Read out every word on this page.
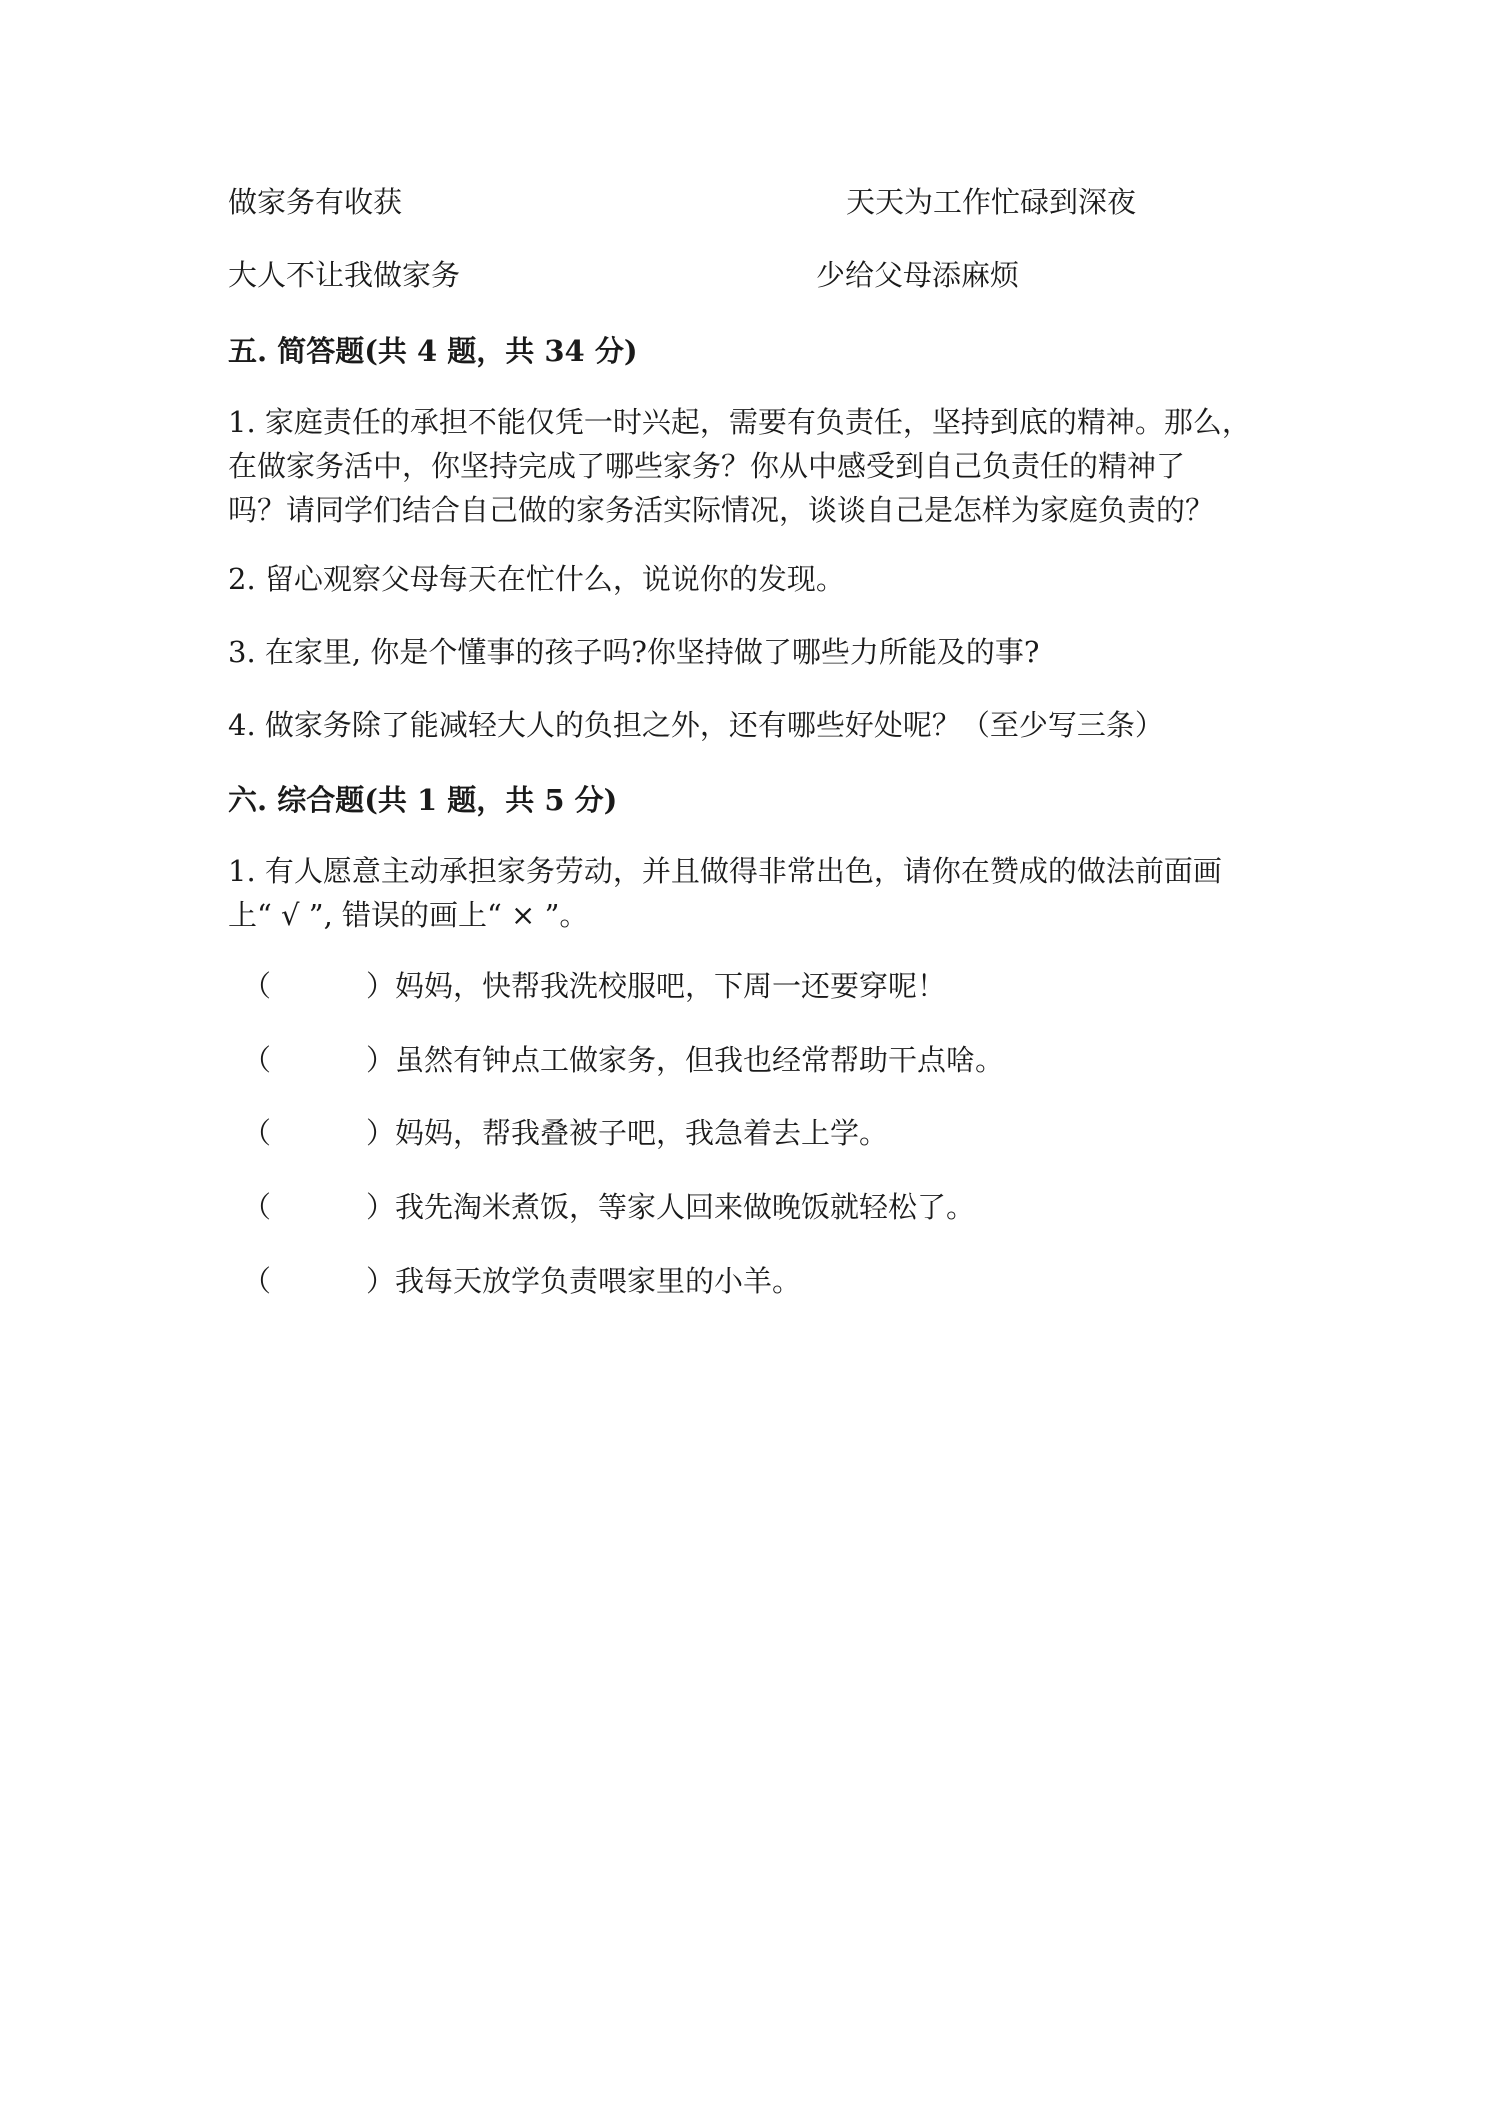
做家务有收获	天天为工作忙碌到深夜
大人不让我做家务	少给父母添麻烦
五. 简答题(共 4 题，共 34 分)
1. 家庭责任的承担不能仅凭一时兴起，需要有负责任，坚持到底的精神。那么，
在做家务活中，你坚持完成了哪些家务？你从中感受到自己负责任的精神了
吗？请同学们结合自己做的家务活实际情况，谈谈自己是怎样为家庭负责的？
2. 留心观察父母每天在忙什么，说说你的发现。
3. 在家里, 你是个懂事的孩子吗?你坚持做了哪些力所能及的事?
4. 做家务除了能减轻大人的负担之外，还有哪些好处呢？（至少写三条）
六. 综合题(共 1 题，共 5 分)
1. 有人愿意主动承担家务劳动，并且做得非常出色，请你在赞成的做法前面画
上“ √ ”, 错误的画上“ × ”。
（	）妈妈，快帮我洗校服吧，下周一还要穿呢！
（	）虽然有钟点工做家务，但我也经常帮助干点啥。
（	）妈妈，帮我叠被子吧，我急着去上学。
（	）我先淘米煮饭，等家人回来做晚饭就轻松了。
（	）我每天放学负责喂家里的小羊。
